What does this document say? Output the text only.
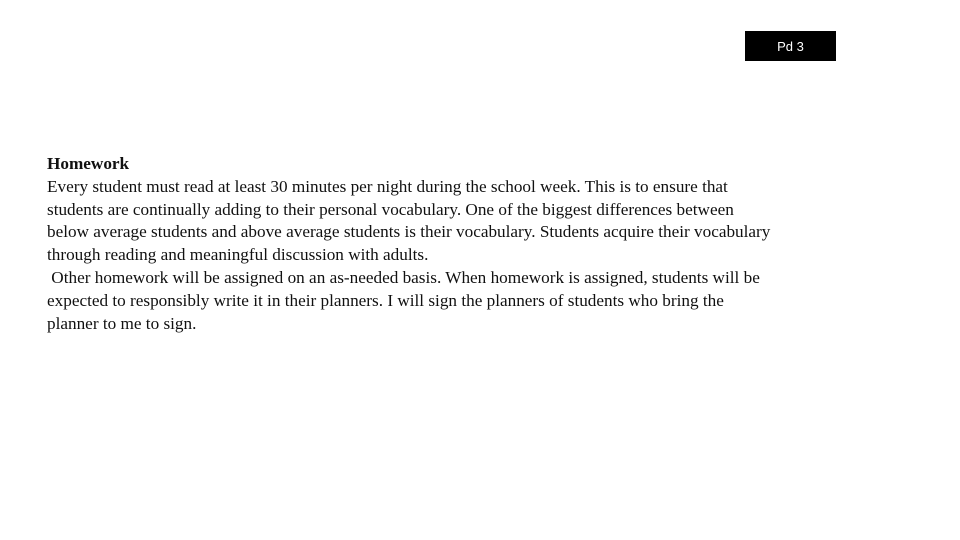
Pd 3

Homework

Every student must read at least 30 minutes per night during the school week. This is to ensure that

students are continually adding to their personal vocabulary. One of the biggest differences between

below average students and above average students is their vocabulary. Students acquire their vocabulary

through reading and meaningful discussion with adults.

Other homework will be assigned on an as-needed basis. When homework is assigned, students will be

expected to responsibly write it in their planners. I will sign the planners of students who bring the

planner to me to sign.
